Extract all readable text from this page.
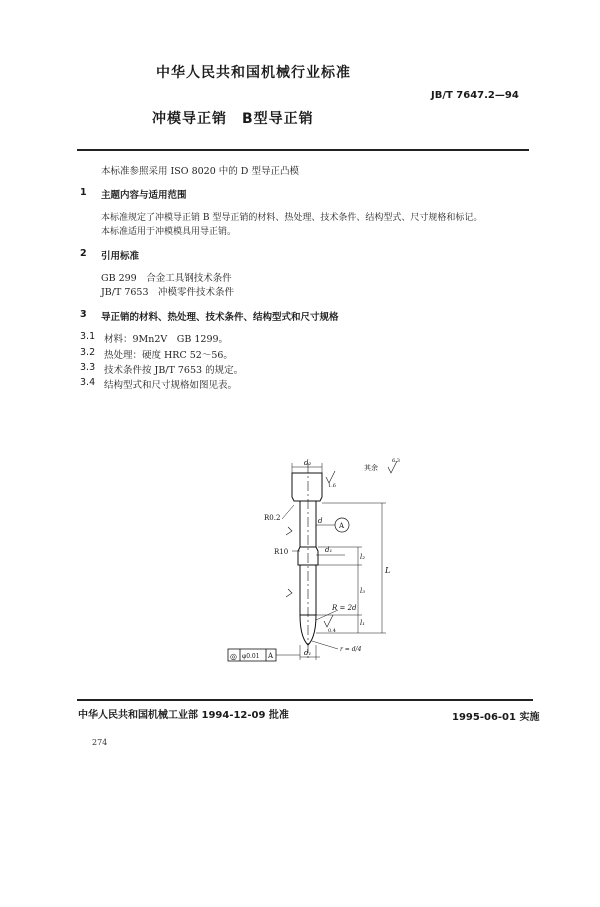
中华人民共和国机械行业标准
JB/T 7647.2—94
冲模导正销　B型导正销
本标准参照采用 ISO 8020 中的 D 型导正凸模
1 主题内容与适用范围
本标准规定了冲模导正销 B 型导正销的材料、热处理、技术条件、结构型式、尺寸规格和标记。
本标准适用于冲模模具用导正销。
2 引用标准
GB 299　合金工具钢技术条件
JB/T 7653　冲模零件技术条件
3 导正销的材料、热处理、技术条件、结构型式和尺寸规格
3.1 材料：9Mn2V　GB 1299。
3.2 热处理：硬度 HRC 52～56。
3.3 技术条件按 JB/T 7653 的规定。
3.4 结构型式和尺寸规格如图见表。
其余
6.3
d₂
1.6
R0.2	d
A
R10	d₁
l₂
l₃
l₁
L
R = 2d
0.4
r = d/4
d₁
◎ φ0.01 A
中华人民共和国机械工业部 1994-12-09 批准	1995-06-01 实施
274
